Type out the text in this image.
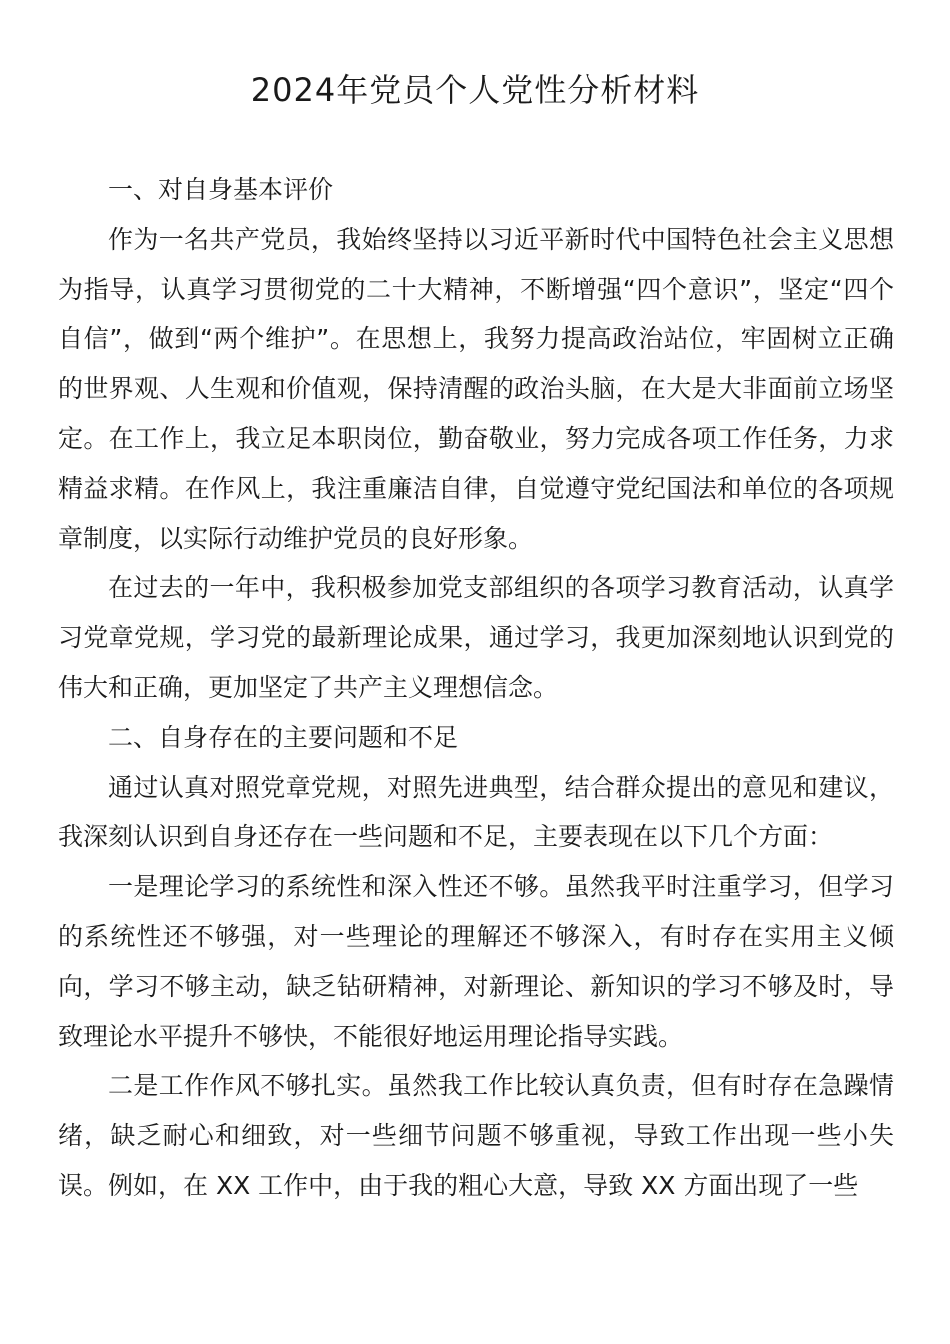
2024年党员个人党性分析材料

一、对自身基本评价

作为一名共产党员，我始终坚持以习近平新时代中国特色社会主义思想为指导，认真学习贯彻党的二十大精神，不断增强“四个意识”，坚定“四个自信”，做到“两个维护”。在思想上，我努力提高政治站位，牢固树立正确的世界观、人生观和价值观，保持清醒的政治头脑，在大是大非面前立场坚定。在工作上，我立足本职岗位，勤奋敬业，努力完成各项工作任务，力求精益求精。在作风上，我注重廉洁自律，自觉遵守党纪国法和单位的各项规章制度，以实际行动维护党员的良好形象。

在过去的一年中，我积极参加党支部组织的各项学习教育活动，认真学习党章党规，学习党的最新理论成果，通过学习，我更加深刻地认识到党的伟大和正确，更加坚定了共产主义理想信念。

二、自身存在的主要问题和不足

通过认真对照党章党规，对照先进典型，结合群众提出的意见和建议，我深刻认识到自身还存在一些问题和不足，主要表现在以下几个方面：

一是理论学习的系统性和深入性还不够。虽然我平时注重学习，但学习的系统性还不够强，对一些理论的理解还不够深入，有时存在实用主义倾向，学习不够主动，缺乏钻研精神，对新理论、新知识的学习不够及时，导致理论水平提升不够快，不能很好地运用理论指导实践。

二是工作作风不够扎实。虽然我工作比较认真负责，但有时存在急躁情绪，缺乏耐心和细致，对一些细节问题不够重视，导致工作出现一些小失误。例如，在 XX 工作中，由于我的粗心大意，导致 XX 方面出现了一些
